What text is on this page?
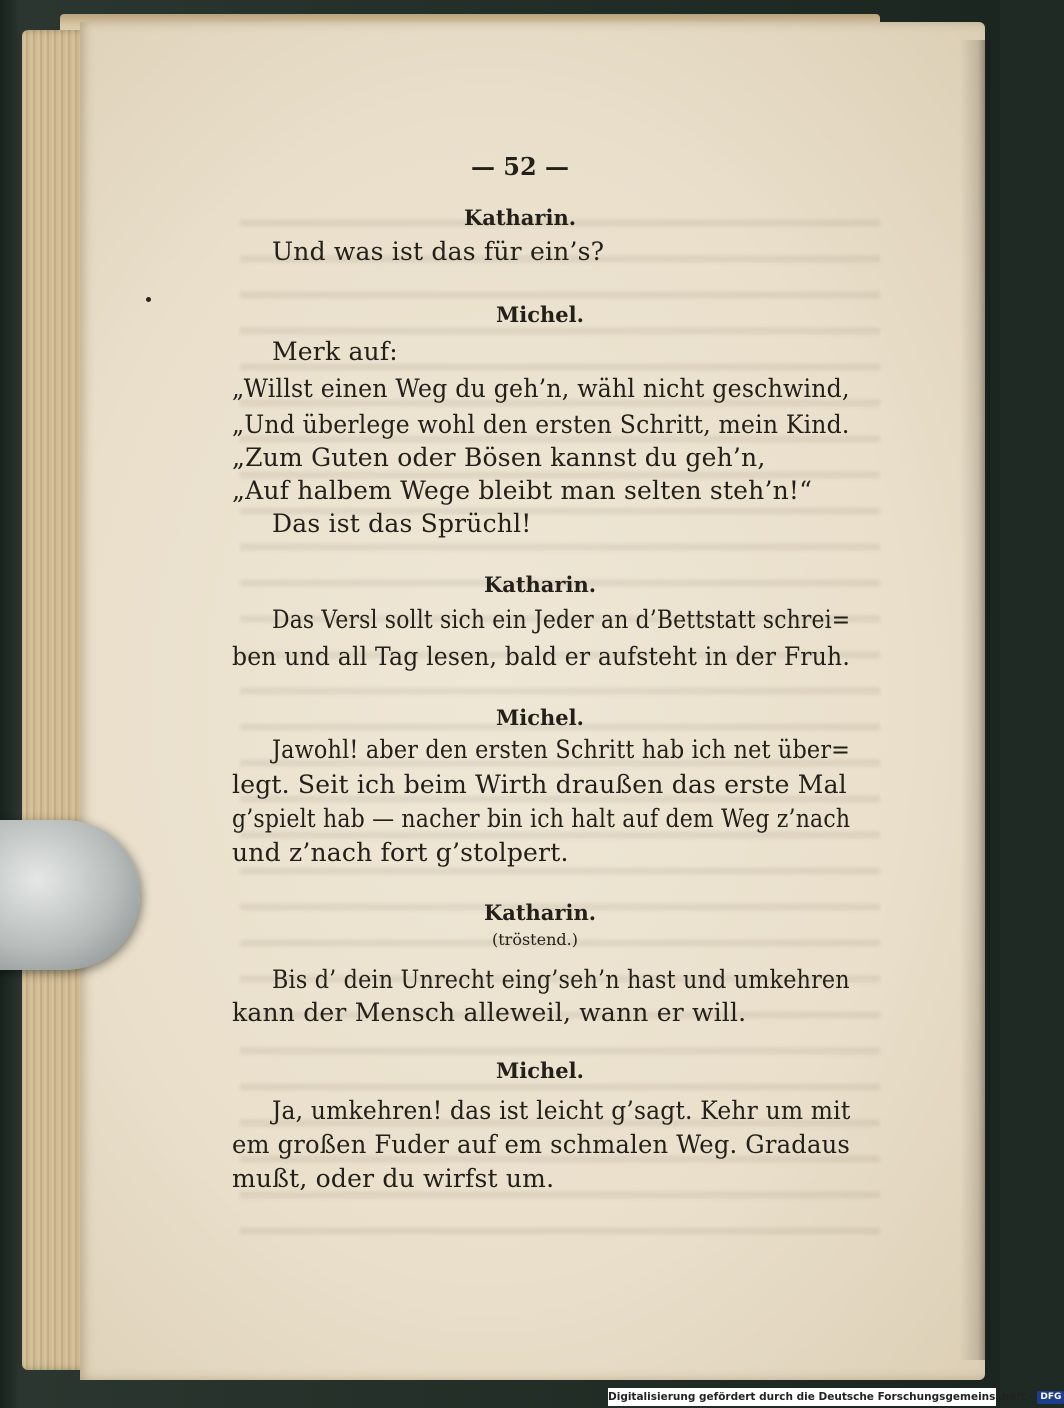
— 52 —
Katharin.
Und was ist das für ein’s?
Michel.
Merk auf:
„Willst einen Weg du geh’n, wähl nicht geschwind,
„Und überlege wohl den ersten Schritt, mein Kind.
„Zum Guten oder Bösen kannst du geh’n,
„Auf halbem Wege bleibt man selten steh’n!“
Das ist das Sprüchl!
Katharin.
Das Versl sollt sich ein Jeder an d’Bettstatt schrei=
ben und all Tag lesen, bald er aufsteht in der Fruh.
Michel.
Jawohl! aber den ersten Schritt hab ich net über=
legt. Seit ich beim Wirth draußen das erste Mal
g’spielt hab — nacher bin ich halt auf dem Weg z’nach
und z’nach fort g’stolpert.
Katharin.
(tröstend.)
Bis d’ dein Unrecht eing’seh’n hast und umkehren
kann der Mensch alleweil, wann er will.
Michel.
Ja, umkehren! das ist leicht g’sagt. Kehr um mit
em großen Fuder auf em schmalen Weg. Gradaus
mußt, oder du wirfst um.
Digitalisierung gefördert durch die Deutsche Forschungsgemeinschaft · DFG
